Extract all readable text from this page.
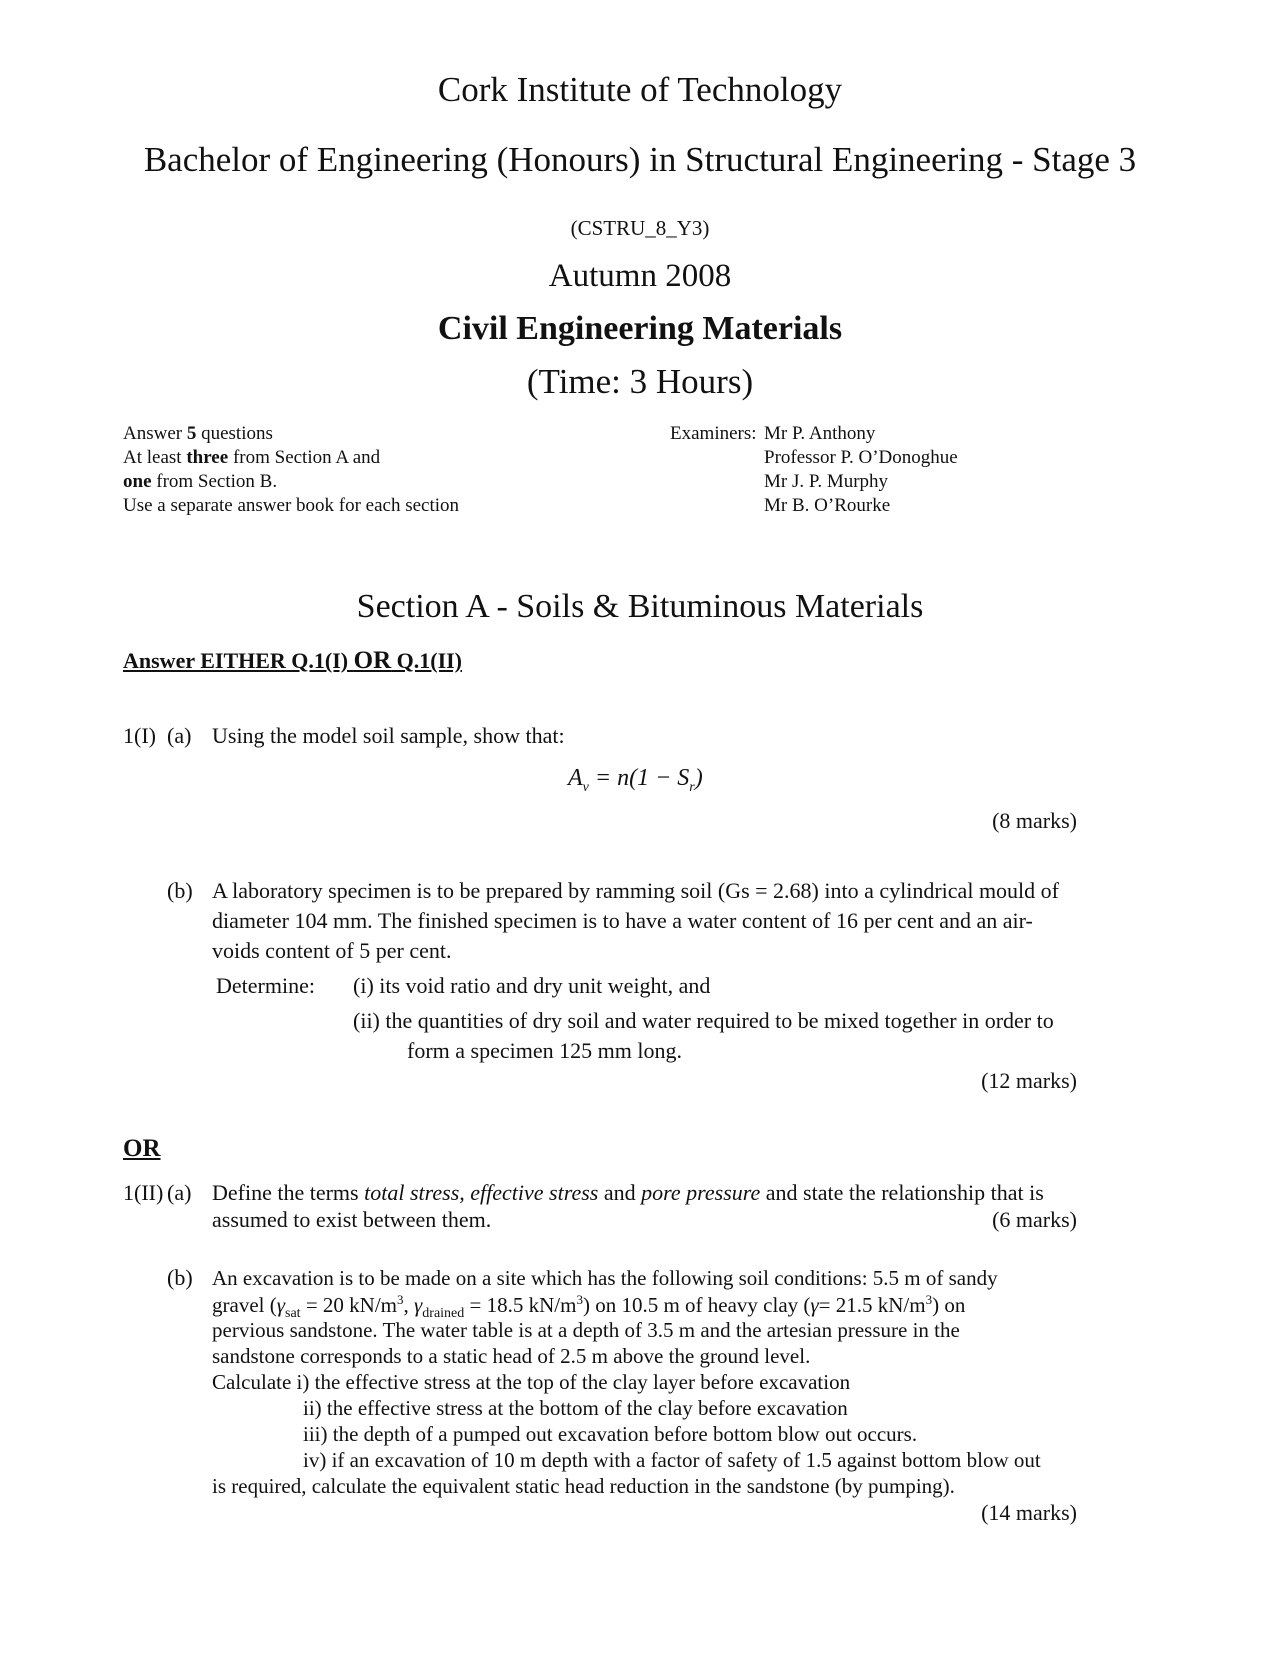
Cork Institute of Technology
Bachelor of Engineering (Honours) in Structural Engineering - Stage 3
(CSTRU_8_Y3)
Autumn 2008
Civil Engineering Materials
(Time: 3 Hours)
Answer 5 questions
At least three from Section A and
one from Section B.
Use a separate answer book for each section
Examiners: Mr P. Anthony
Professor P. O’Donoghue
Mr J. P. Murphy
Mr B. O’Rourke
Section A - Soils & Bituminous Materials
Answer EITHER Q.1(I) OR Q.1(II)
1(I) (a) Using the model soil sample, show that:
$A_v = n(1 - S_r)$
(8 marks)
(b) A laboratory specimen is to be prepared by ramming soil (Gs = 2.68) into a cylindrical mould of
diameter 104 mm. The finished specimen is to have a water content of 16 per cent and an air-
voids content of 5 per cent.
Determine: (i) its void ratio and dry unit weight, and
(ii) the quantities of dry soil and water required to be mixed together in order to
form a specimen 125 mm long.
(12 marks)
OR
1(II) (a) Define the terms total stress, effective stress and pore pressure and state the relationship that is
assumed to exist between them.	(6 marks)
(b) An excavation is to be made on a site which has the following soil conditions: 5.5 m of sandy
gravel ($\gamma_{sat} = 20$ $kN/m^3$, $\gamma_{drained} = 18.5$ $kN/m^3$) on 10.5 m of heavy clay (γ= 21.5 $kN/m^3$) on
pervious sandstone. The water table is at a depth of 3.5 m and the artesian pressure in the
sandstone corresponds to a static head of 2.5 m above the ground level.
Calculate i) the effective stress at the top of the clay layer before excavation
ii) the effective stress at the bottom of the clay before excavation
iii) the depth of a pumped out excavation before bottom blow out occurs.
iv) if an excavation of 10 m depth with a factor of safety of 1.5 against bottom blow out
is required, calculate the equivalent static head reduction in the sandstone (by pumping).
(14 marks)
